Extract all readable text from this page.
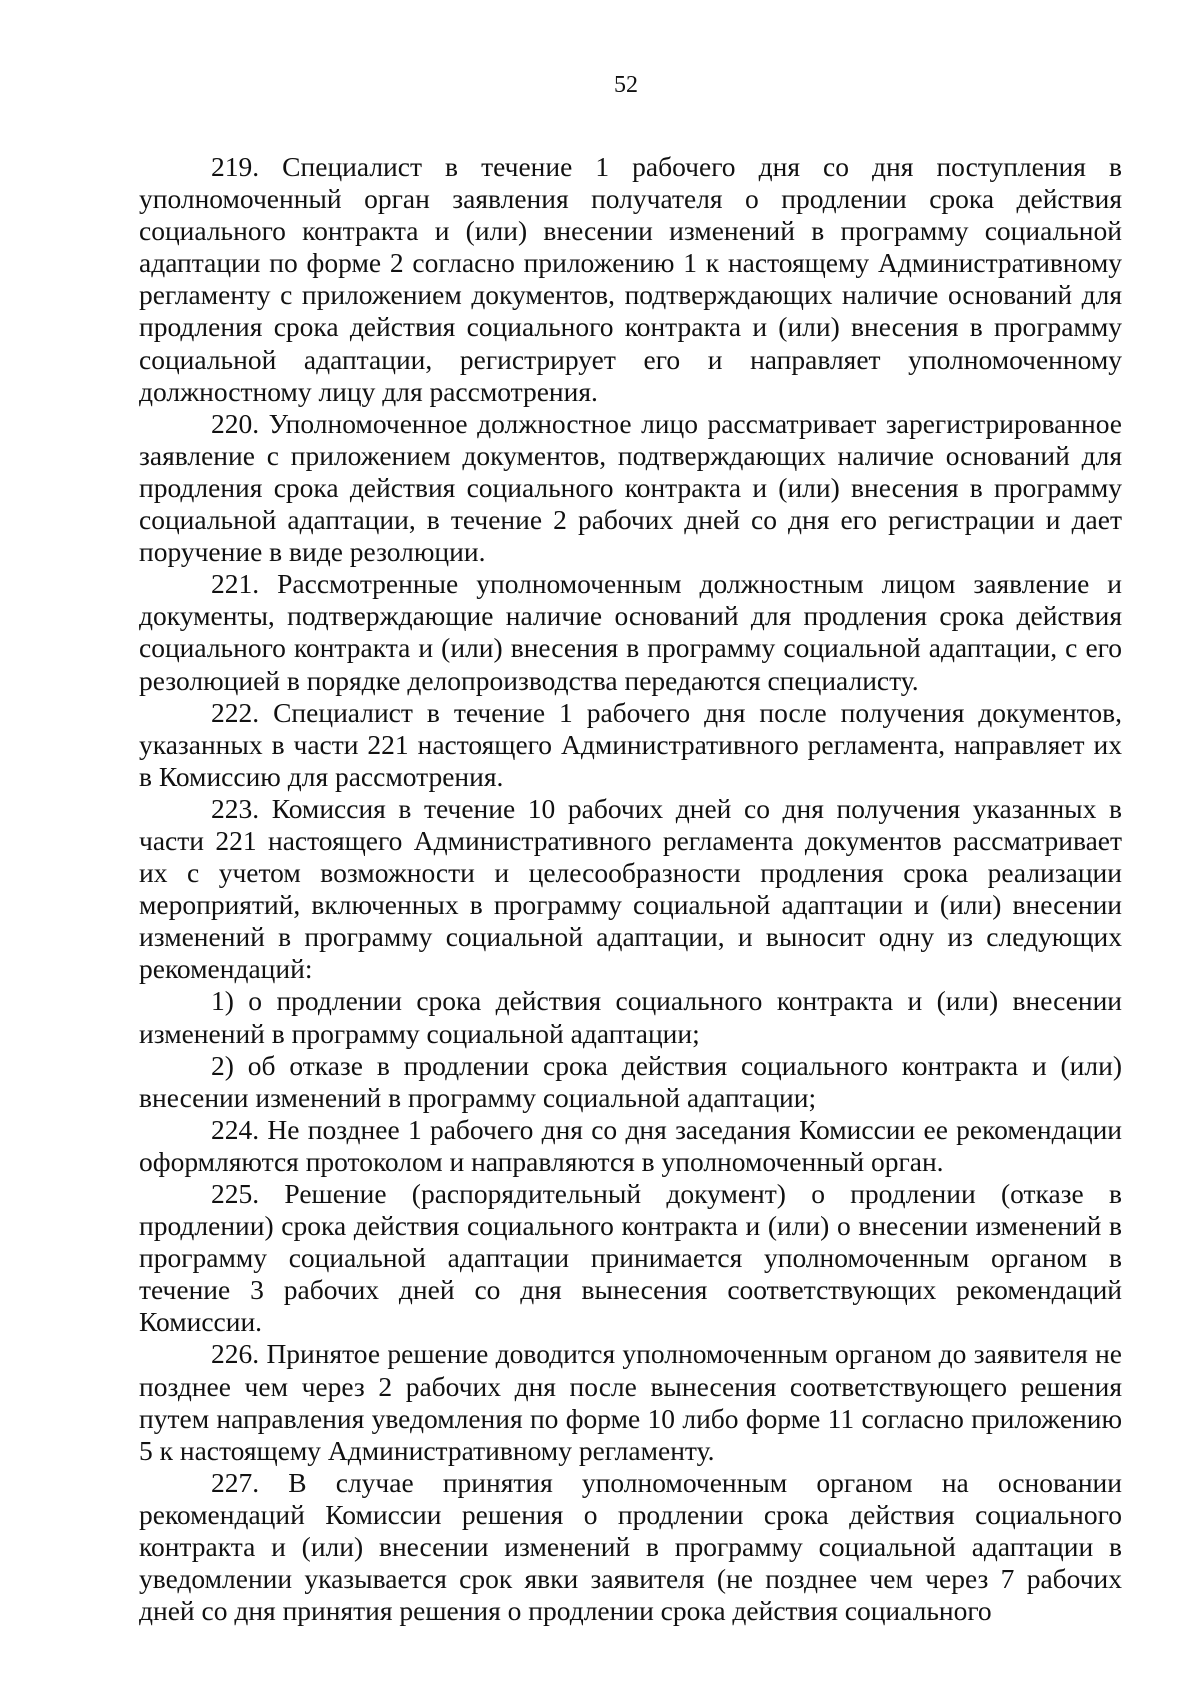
52

219. Специалист в течение 1 рабочего дня со дня поступления в уполномоченный орган заявления получателя о продлении срока действия социального контракта и (или) внесении изменений в программу социальной адаптации по форме 2 согласно приложению 1 к настоящему Административному регламенту с приложением документов, подтверждающих наличие оснований для продления срока действия социального контракта и (или) внесения в программу социальной адаптации, регистрирует его и направляет уполномоченному должностному лицу для рассмотрения.

220. Уполномоченное должностное лицо рассматривает зарегистрированное заявление с приложением документов, подтверждающих наличие оснований для продления срока действия социального контракта и (или) внесения в программу социальной адаптации, в течение 2 рабочих дней со дня его регистрации и дает поручение в виде резолюции.

221. Рассмотренные уполномоченным должностным лицом заявление и документы, подтверждающие наличие оснований для продления срока действия социального контракта и (или) внесения в программу социальной адаптации, с его резолюцией в порядке делопроизводства передаются специалисту.

222. Специалист в течение 1 рабочего дня после получения документов, указанных в части 221 настоящего Административного регламента, направляет их в Комиссию для рассмотрения.

223. Комиссия в течение 10 рабочих дней со дня получения указанных в части 221 настоящего Административного регламента документов рассматривает их с учетом возможности и целесообразности продления срока реализации мероприятий, включенных в программу социальной адаптации и (или) внесении изменений в программу социальной адаптации, и выносит одну из следующих рекомендаций:

1) о продлении срока действия социального контракта и (или) внесении изменений в программу социальной адаптации;

2) об отказе в продлении срока действия социального контракта и (или) внесении изменений в программу социальной адаптации;

224. Не позднее 1 рабочего дня со дня заседания Комиссии ее рекомендации оформляются протоколом и направляются в уполномоченный орган.

225. Решение (распорядительный документ) о продлении (отказе в продлении) срока действия социального контракта и (или) о внесении изменений в программу социальной адаптации принимается уполномоченным органом в течение 3 рабочих дней со дня вынесения соответствующих рекомендаций Комиссии.

226. Принятое решение доводится уполномоченным органом до заявителя не позднее чем через 2 рабочих дня после вынесения соответствующего решения путем направления уведомления по форме 10 либо форме 11 согласно приложению 5 к настоящему Административному регламенту.

227. В случае принятия уполномоченным органом на основании рекомендаций Комиссии решения о продлении срока действия социального контракта и (или) внесении изменений в программу социальной адаптации в уведомлении указывается срок явки заявителя (не позднее чем через 7 рабочих дней со дня принятия решения о продлении срока действия социального
